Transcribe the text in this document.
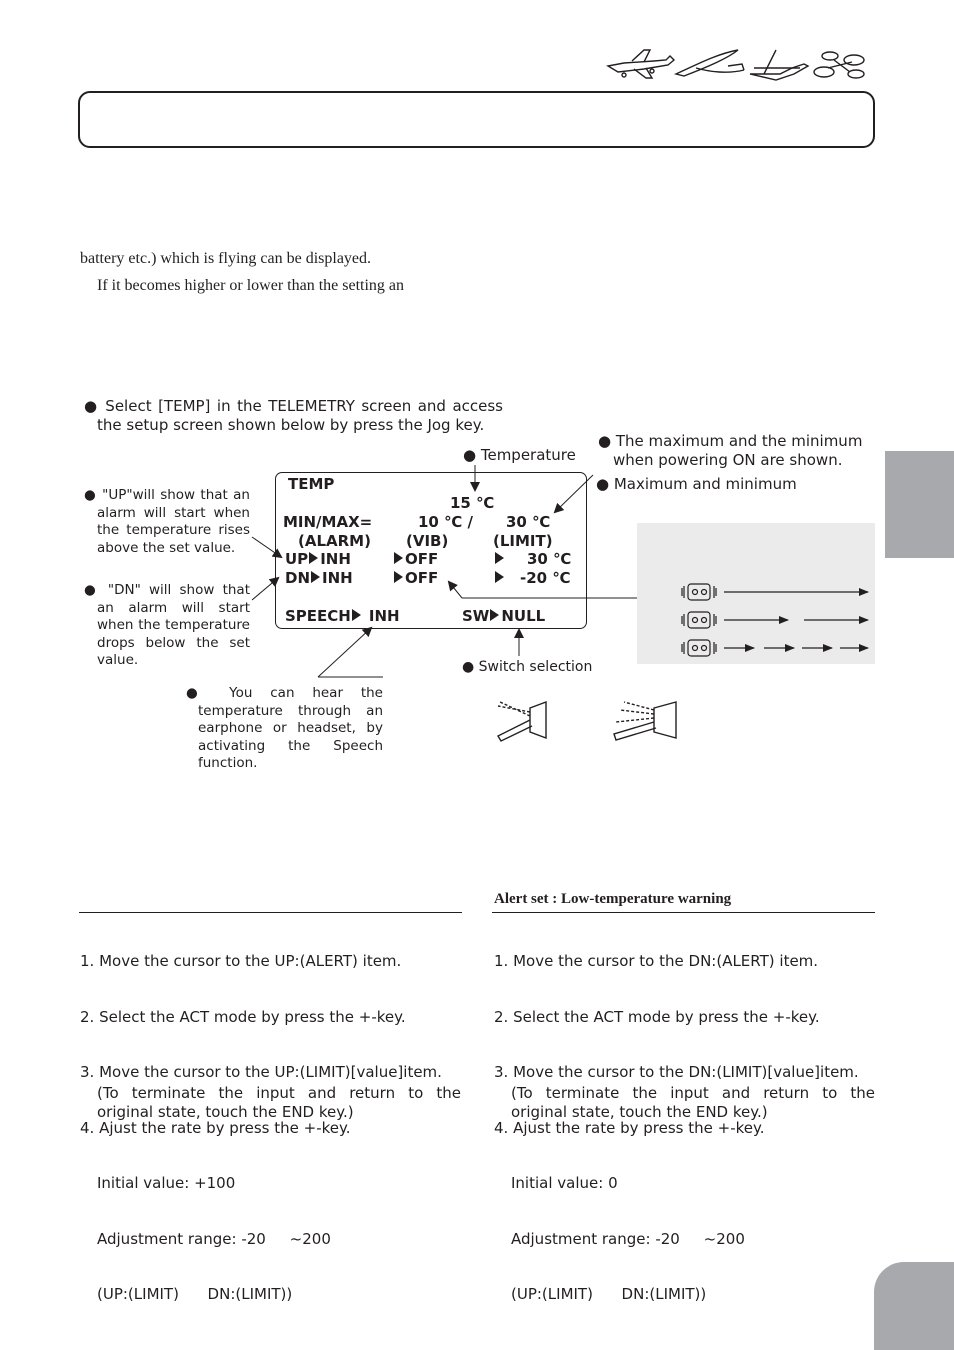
battery etc.) which is flying can be displayed.
If it becomes higher or lower than the setting an
● Select [TEMP] in the TELEMETRY screen and access the setup screen shown below by press the Jog key.
● Temperature
● The maximum and the minimum when powering ON are shown.
● Maximum and minimum
● "UP"will show that an alarm will start when the temperature rises above the set value.
● "DN" will show that an alarm will start when the temperature drops below the set value.
● You can hear the temperature through an earphone or headset, by activating the Speech function.
● Switch selection
TEMP
15 ℃
MIN/MAX=	10 ℃ / 30 ℃
(ALARM) (VIB)	(LIMIT)
UP INH	OFF	30 ℃
DN INH	OFF	-20 ℃
SPEECH INH	SW NULL

1. Move the cursor to the UP:(ALERT) item.

2. Select the ACT mode by press the +-key.

3. Move the cursor to the UP:(LIMIT)[value]item.

4. Ajust the rate by press the +-key.

Initial value: +100

Adjustment range: -20     ~200

(UP:(LIMIT)      DN:(LIMIT))

(To terminate the input and return to the original state, touch the END key.)
Alert set : Low-temperature warning

1. Move the cursor to the DN:(ALERT) item.

2. Select the ACT mode by press the +-key.

3. Move the cursor to the DN:(LIMIT)[value]item.

4. Ajust the rate by press the +-key.

Initial value: 0

Adjustment range: -20     ~200

(UP:(LIMIT)      DN:(LIMIT))

(To terminate the input and return to the original state, touch the END key.)
